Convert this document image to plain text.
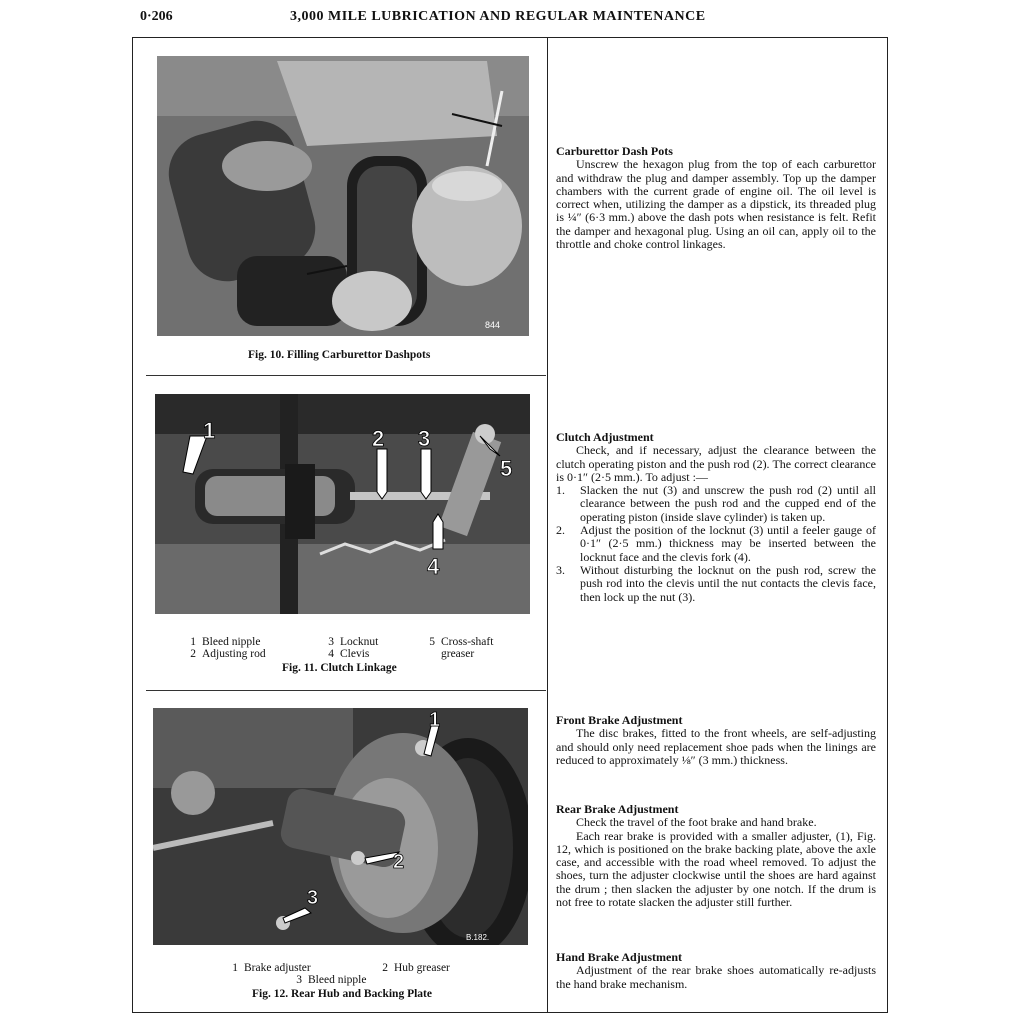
0·206	3,000 MILE LUBRICATION AND REGULAR MAINTENANCE
844
Fig. 10. Filling Carburettor Dashpots
1	2 3
4
5
1 Bleed nipple
2 Adjusting rod
3 Locknut
4 Clevis
5 Cross-shaft
greaser
Fig. 11. Clutch Linkage
1
2
3
B.182.
1 Brake adjuster	2 Hub greaser
3 Bleed nipple
Fig. 12. Rear Hub and Backing Plate
Carburettor Dash Pots

Unscrew the hexagon plug from the top of each carburettor and withdraw the plug and damper assembly. Top up the damper chambers with the current grade of engine oil. The oil level is correct when, utilizing the damper as a dipstick, its threaded plug is ¼″ (6·3 mm.) above the dash pots when resistance is felt. Refit the damper and hexagonal plug. Using an oil can, apply oil to the throttle and choke control linkages.

Clutch Adjustment

Check, and if necessary, adjust the clearance between the clutch operating piston and the push rod (2). The correct clearance is 0·1″ (2·5 mm.). To adjust :—

1. Slacken the nut (3) and unscrew the push rod (2) until all clearance between the push rod and the cupped end of the operating piston (inside slave cylinder) is taken up.
2. Adjust the position of the locknut (3) until a feeler gauge of 0·1″ (2·5 mm.) thickness may be inserted between the locknut face and the clevis fork (4).
3. Without disturbing the locknut on the push rod, screw the push rod into the clevis until the nut contacts the clevis face, then lock up the nut (3).
Front Brake Adjustment

The disc brakes, fitted to the front wheels, are self-adjusting and should only need replacement shoe pads when the linings are reduced to approximately ⅛″ (3 mm.) thickness.

Rear Brake Adjustment

Check the travel of the foot brake and hand brake.

Each rear brake is provided with a smaller adjuster, (1), Fig. 12, which is positioned on the brake backing plate, above the axle case, and accessible with the road wheel removed. To adjust the shoes, turn the adjuster clockwise until the shoes are hard against the drum ; then slacken the adjuster by one notch. If the drum is not free to rotate slacken the adjuster still further.

Hand Brake Adjustment

Adjustment of the rear brake shoes automatically re-adjusts the hand brake mechanism.
